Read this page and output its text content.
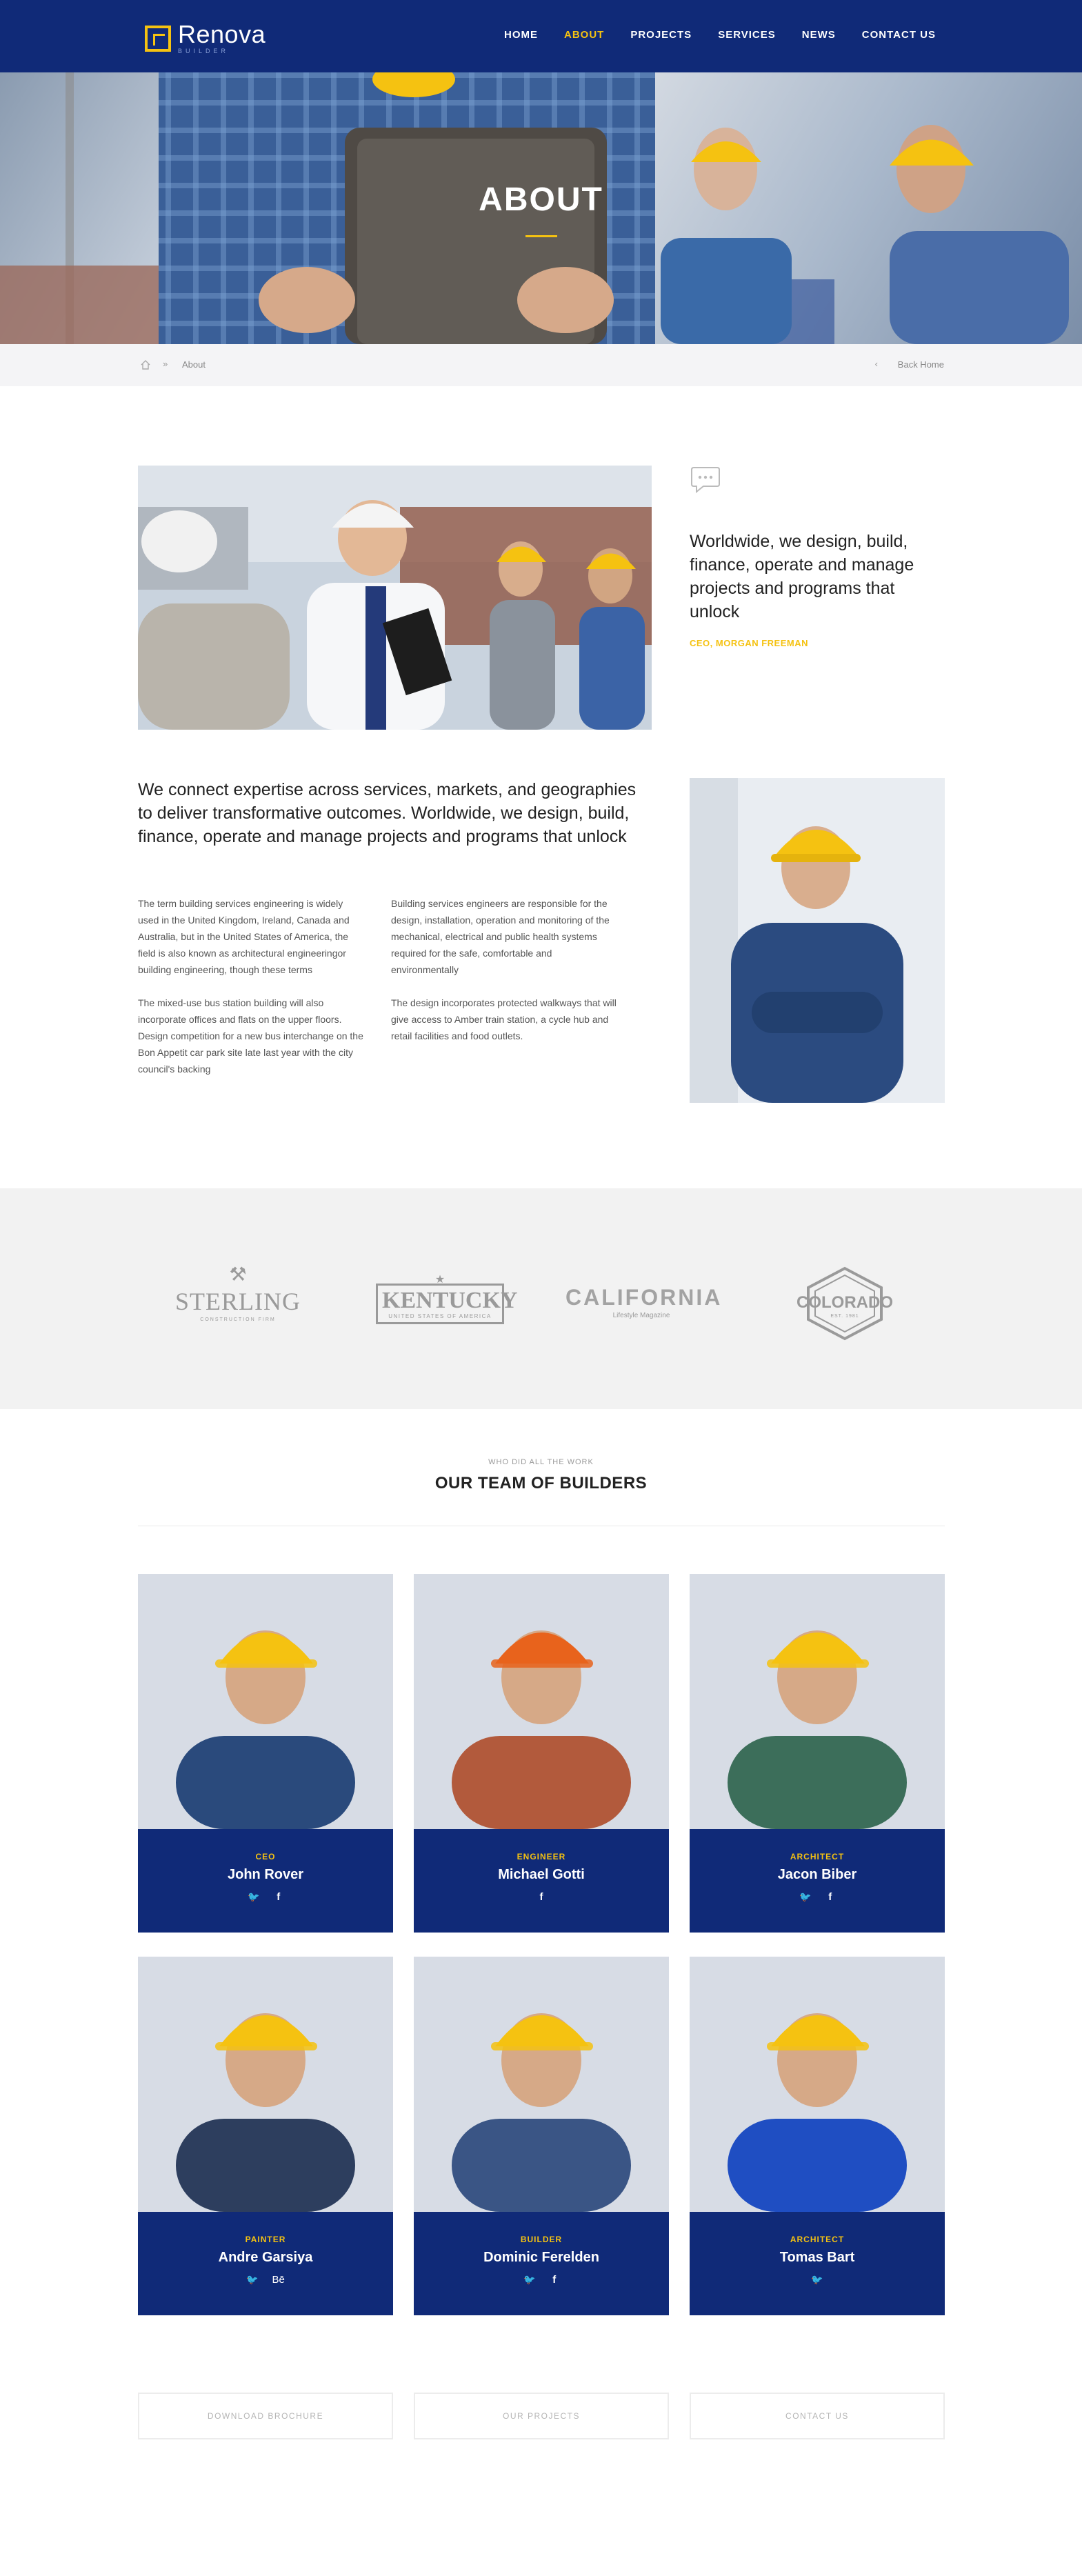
Renova
BUILDER
HOME	ABOUT	PROJECTS	SERVICES	NEWS	CONTACT US
ABOUT
» About	‹ Back Home
Worldwide, we design, build, finance, operate and manage projects and programs that unlock
CEO, MORGAN FREEMAN
We connect expertise across services, markets, and geographies to deliver transformative outcomes. Worldwide, we design, build, finance, operate and manage projects and programs that unlock

The term building services engineering is widely used in the United Kingdom, Ireland, Canada and Australia, but in the United States of America, the field is also known as architectural engineeringor building engineering, though these terms

The mixed-use bus station building will also incorporate offices and flats on the upper floors. Design competition for a new bus interchange on the Bon Appetit car park site late last year with the city council's backing

Building services engineers are responsible for the design, installation, operation and monitoring of the mechanical, electrical and public health systems required for the safe, comfortable and environmentally

The design incorporates protected walkways that will give access to Amber train station, a cycle hub and retail facilities and food outlets.

⚒
STERLING
CONSTRUCTION FIRM
★
KENTUCKY
UNITED STATES OF AMERICA
CALIFORNIA
Lifestyle Magazine
COLORADO
EST. 1981
WHO DID ALL THE WORK
OUR TEAM OF BUILDERS
CEO
John Rover
🐦	f
ENGINEER
Michael Gotti
f
ARCHITECT
Jacon Biber
🐦	f
PAINTER
Andre Garsiya
🐦 Bē
BUILDER
Dominic Ferelden
🐦	f
ARCHITECT
Tomas Bart
🐦
DOWNLOAD BROCHURE	OUR PROJECTS	CONTACT US
